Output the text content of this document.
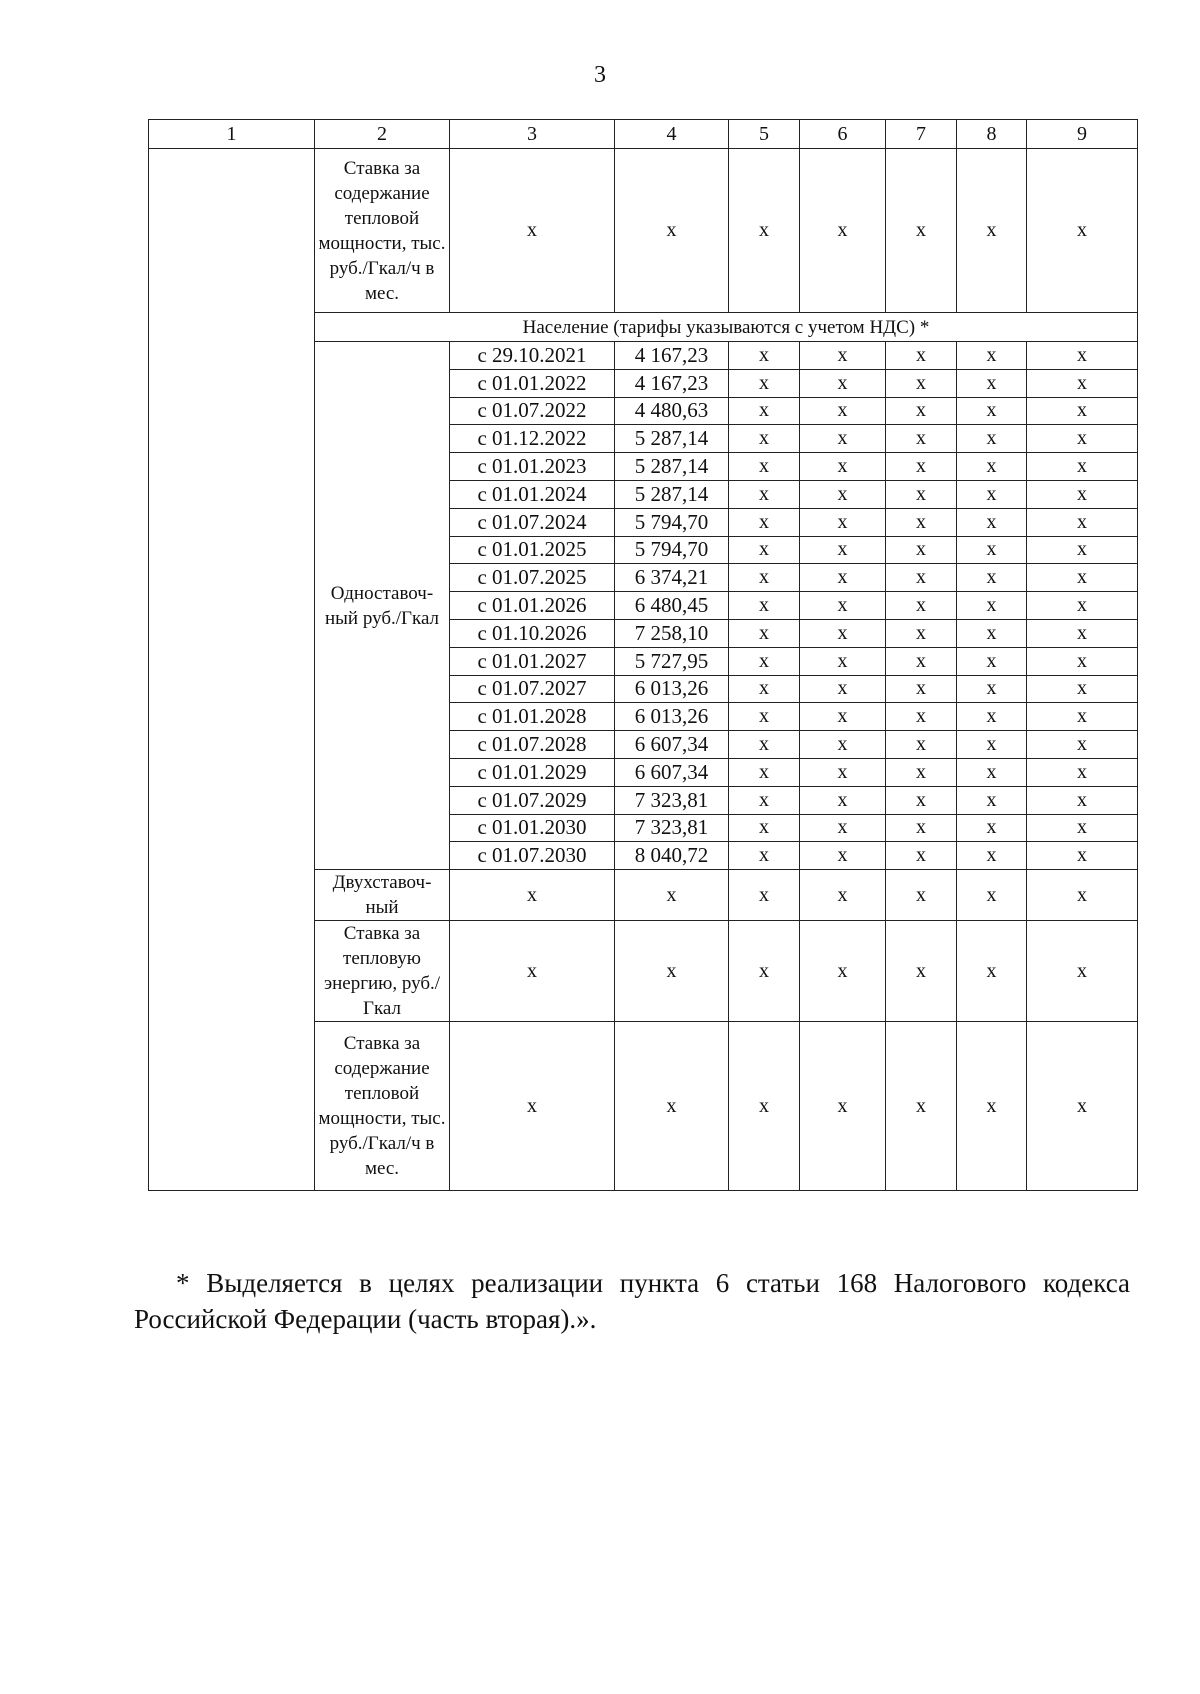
3
1	2	3	4	5	6	7	8	9
	Ставка за содержание тепловой мощности, тыс. руб./Гкал/ч в мес.	х	х	х	х	х	х	х
	Население (тарифы указываются с учетом НДС) *							
	Одноставоч-ный руб./Гкал	с 29.10.2021	4 167,23	х	х	х	х	х
		с 01.01.2022	4 167,23	х	х	х	х	х
		с 01.07.2022	4 480,63	х	х	х	х	х
		с 01.12.2022	5 287,14	х	х	х	х	х
		с 01.01.2023	5 287,14	х	х	х	х	х
		с 01.01.2024	5 287,14	х	х	х	х	х
		с 01.07.2024	5 794,70	х	х	х	х	х
		с 01.01.2025	5 794,70	х	х	х	х	х
		с 01.07.2025	6 374,21	х	х	х	х	х
		с 01.01.2026	6 480,45	х	х	х	х	х
		с 01.10.2026	7 258,10	х	х	х	х	х
		с 01.01.2027	5 727,95	х	х	х	х	х
		с 01.07.2027	6 013,26	х	х	х	х	х
		с 01.01.2028	6 013,26	х	х	х	х	х
		с 01.07.2028	6 607,34	х	х	х	х	х
		с 01.01.2029	6 607,34	х	х	х	х	х
		с 01.07.2029	7 323,81	х	х	х	х	х
		с 01.01.2030	7 323,81	х	х	х	х	х
		с 01.07.2030	8 040,72	х	х	х	х	х
	Двухставоч-ный	х	х	х	х	х	х	х
	Ставка за тепловую энергию, руб./Гкал	х	х	х	х	х	х	х
	Ставка за содержание тепловой мощности, тыс. руб./Гкал/ч в мес.	х	х	х	х	х	х	х
* Выделяется в целях реализации пункта 6 статьи 168 Налогового кодекса
Российской Федерации (часть вторая).».
